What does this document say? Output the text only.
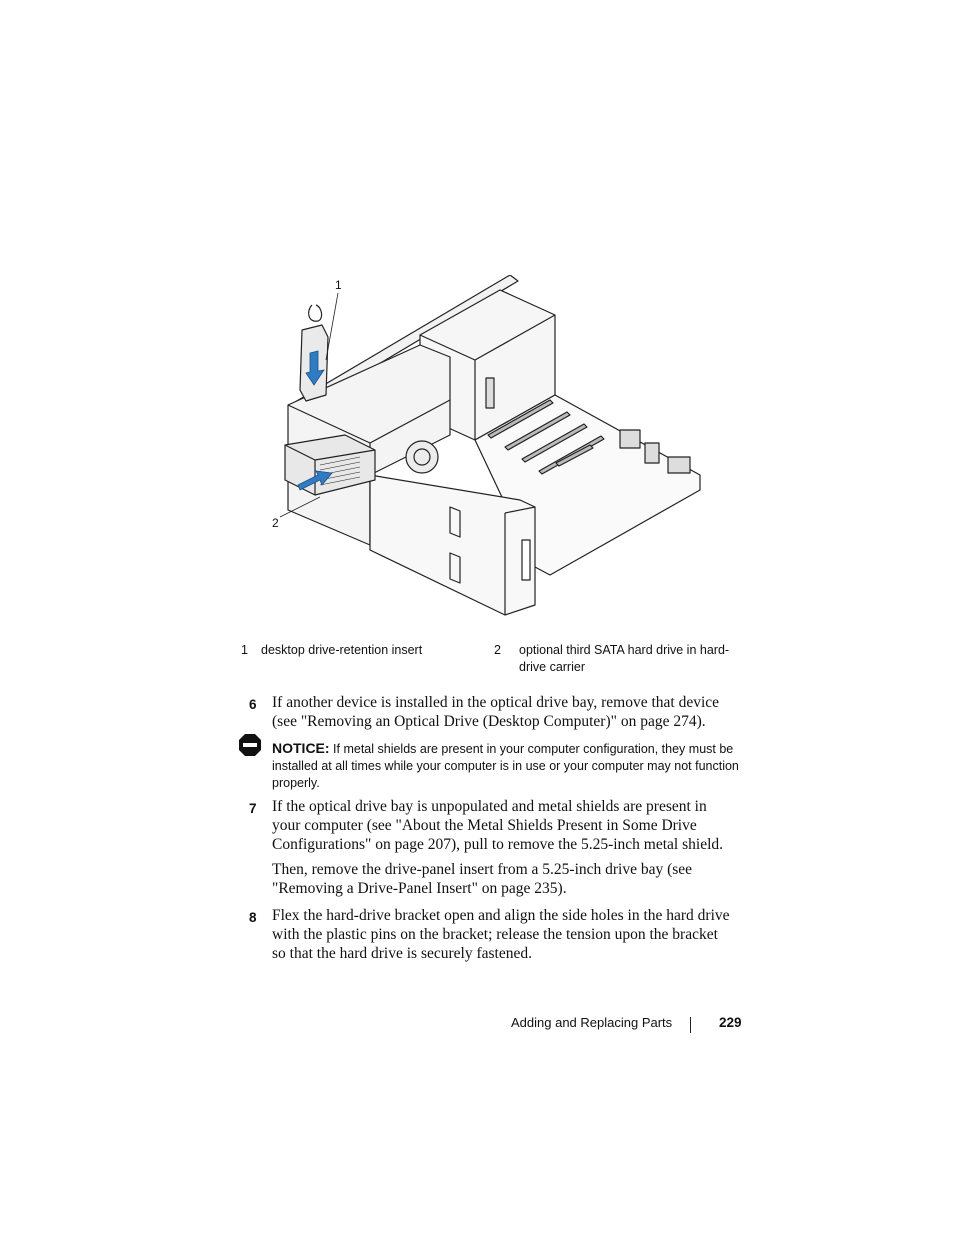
1
2
1 desktop drive-retention insert	2 optional third SATA hard drive in hard-drive carrier
6 If another device is installed in the optical drive bay, remove that device (see "Removing an Optical Drive (Desktop Computer)" on page 274).
NOTICE: If metal shields are present in your computer configuration, they must be installed at all times while your computer is in use or your computer may not function properly.
7 If the optical drive bay is unpopulated and metal shields are present in your computer (see "About the Metal Shields Present in Some Drive Configurations" on page 207), pull to remove the 5.25-inch metal shield.
Then, remove the drive-panel insert from a 5.25-inch drive bay (see "Removing a Drive-Panel Insert" on page 235).
8 Flex the hard-drive bracket open and align the side holes in the hard drive with the plastic pins on the bracket; release the tension upon the bracket so that the hard drive is securely fastened.
Adding and Replacing Parts	229
